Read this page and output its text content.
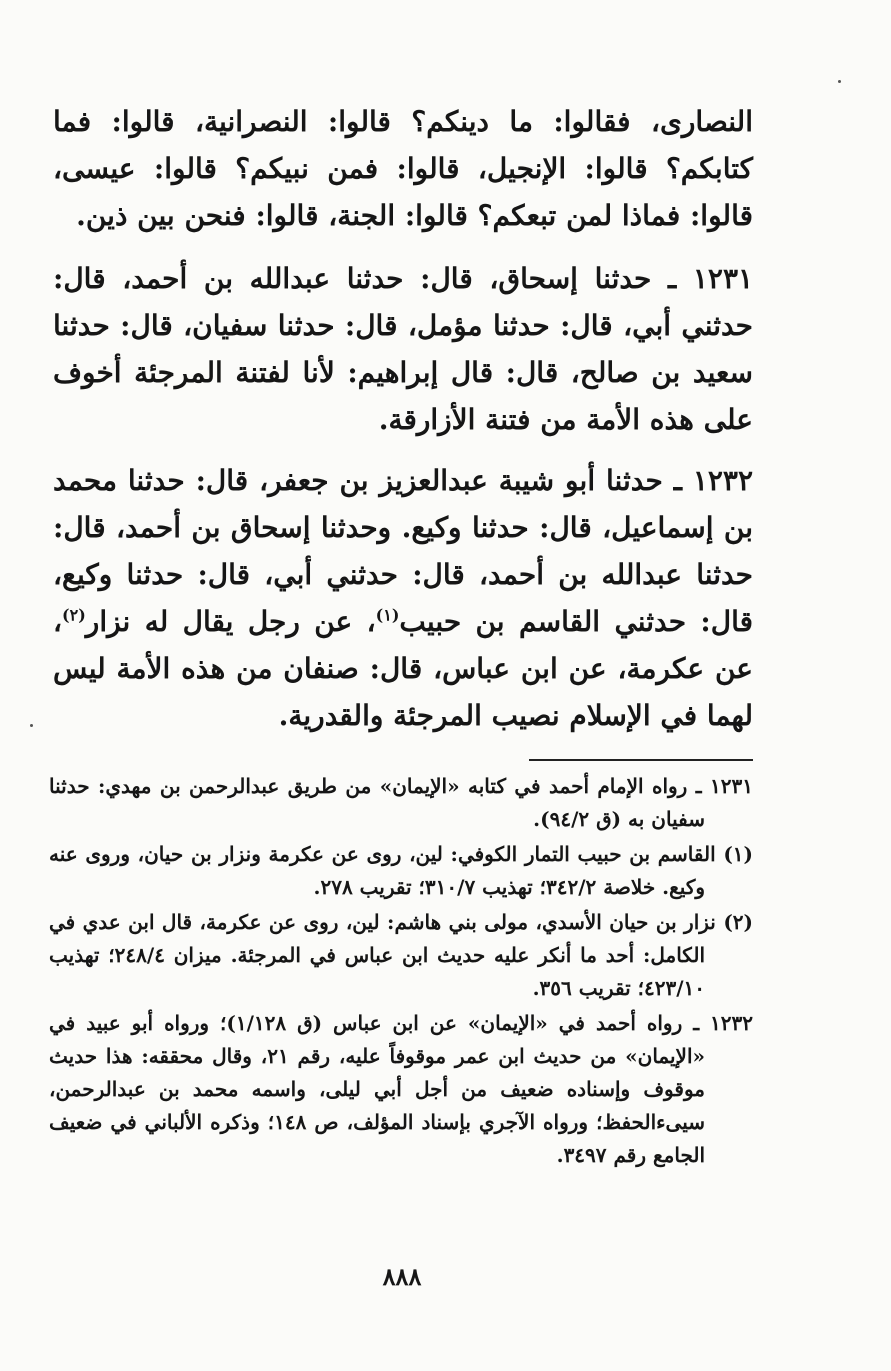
النصارى، فقالوا: ما دينكم؟ قالوا: النصرانية، قالوا: فما كتابكم؟ قالوا: الإنجيل، قالوا: فمن نبيكم؟ قالوا: عيسى، قالوا: فماذا لمن تبعكم؟ قالوا: الجنة، قالوا: فنحن بين ذين.

١٢٣١ ـ حدثنا إسحاق، قال: حدثنا عبدالله بن أحمد، قال: حدثني أبي، قال: حدثنا مؤمل، قال: حدثنا سفيان، قال: حدثنا سعيد بن صالح، قال: قال إبراهيم: لأنا لفتنة المرجئة أخوف على هذه الأمة من فتنة الأزارقة.

١٢٣٢ ـ حدثنا أبو شيبة عبدالعزيز بن جعفر، قال: حدثنا محمد بن إسماعيل، قال: حدثنا وكيع. وحدثنا إسحاق بن أحمد، قال: حدثنا عبدالله بن أحمد، قال: حدثني أبي، قال: حدثنا وكيع، قال: حدثني القاسم بن حبيب$^{(١)}$، عن رجل يقال له نزار$^{(٢)}$، عن عكرمة، عن ابن عباس، قال: صنفان من هذه الأمة ليس لهما في الإسلام نصيب المرجئة والقدرية.

١٢٣١ ـ رواه الإمام أحمد في كتابه «الإيمان» من طريق عبدالرحمن بن مهدي: حدثنا سفيان به (ق ٩٤/٢).

(١) القاسم بن حبيب التمار الكوفي: لين، روى عن عكرمة ونزار بن حيان، وروى عنه وكيع. خلاصة ٣٤٢/٢؛ تهذيب ٣١٠/٧؛ تقريب ٢٧٨.

(٢) نزار بن حيان الأسدي، مولى بني هاشم: لين، روى عن عكرمة، قال ابن عدي في الكامل: أحد ما أنكر عليه حديث ابن عباس في المرجئة. ميزان ٢٤٨/٤؛ تهذيب ٤٢٣/١٠؛ تقريب ٣٥٦.

١٢٣٢ ـ رواه أحمد في «الإيمان» عن ابن عباس (ق ١/١٢٨)؛ ورواه أبو عبيد في «الإيمان» من حديث ابن عمر موقوفاً عليه، رقم ٢١، وقال محققه: هذا حديث موقوف وإسناده ضعيف من أجل أبي ليلى، واسمه محمد بن عبدالرحمن، سيىءالحفظ؛ ورواه الآجري بإسناد المؤلف، ص ١٤٨؛ وذكره الألباني في ضعيف الجامع رقم ٣٤٩٧.

٨٨٨
